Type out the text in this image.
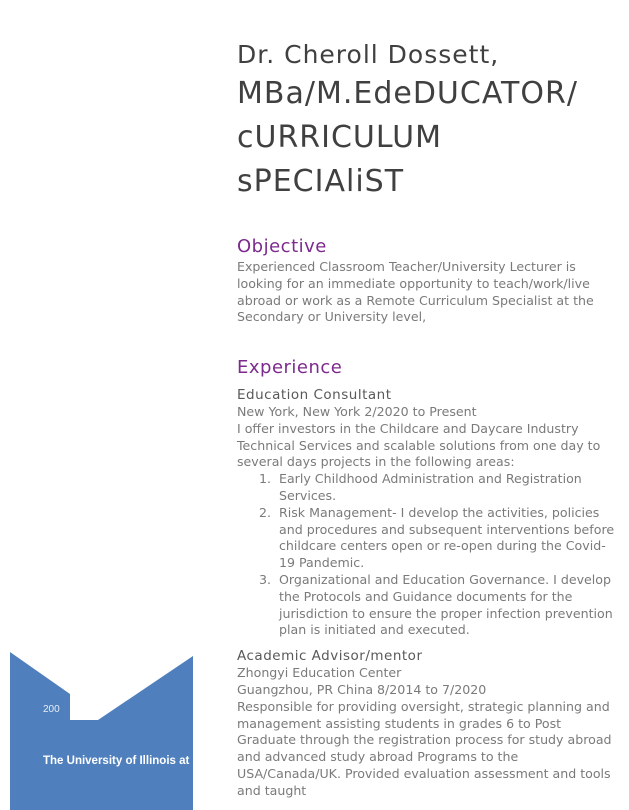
ITY
200
The University of Illinois at Urbana-Champaign
Dr. Cheroll Dossett,
MBa/M.EdeDUCATOR/
cURRICULUM
sPECIAliST
Objective
Experienced Classroom Teacher/University Lecturer is looking for an immediate opportunity to teach/work/live abroad or work as a Remote Curriculum Specialist at the Secondary or University level,
Experience
Education Consultant
New York, New York 2/2020 to Present
I offer investors in the Childcare and Daycare Industry Technical Services and scalable solutions from one day to several days projects in the following areas:
1. Early Childhood Administration and Registration Services.
2. Risk Management- I develop the activities, policies and procedures and subsequent interventions before childcare centers open or re-open during the Covid-19 Pandemic.
3. Organizational and Education Governance. I develop the Protocols and Guidance documents for the jurisdiction to ensure the proper infection prevention plan is initiated and executed.
Academic Advisor/mentor
Zhongyi Education Center
Guangzhou, PR China 8/2014 to 7/2020
Responsible for providing oversight, strategic planning and management assisting students in grades 6 to Post Graduate through the registration process for study abroad and advanced study abroad Programs to the USA/Canada/UK. Provided evaluation assessment and tools and taught
